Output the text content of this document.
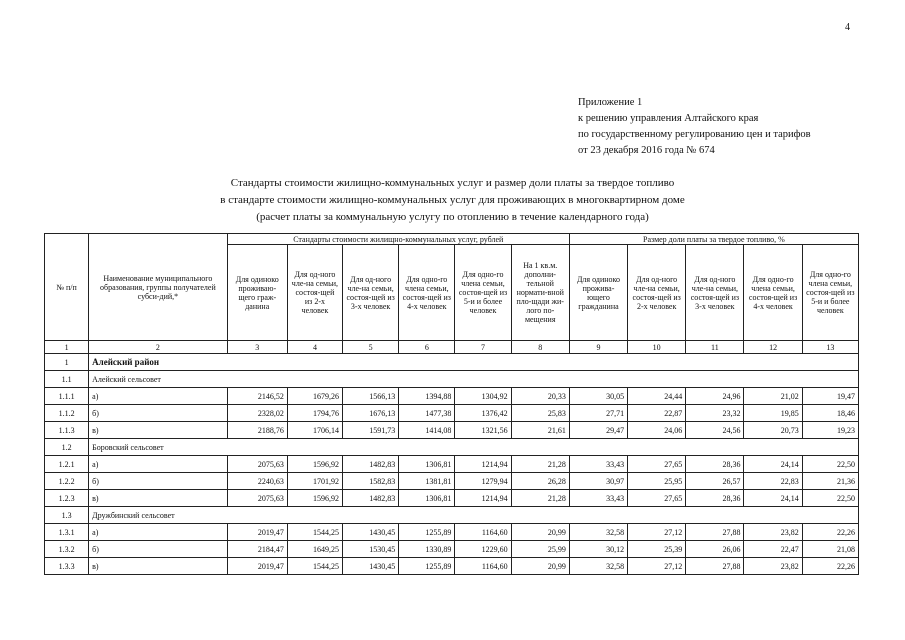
4
Приложение 1
к решению управления Алтайского края
по государственному регулированию цен и тарифов
от 23 декабря 2016 года № 674
Стандарты стоимости жилищно-коммунальных услуг и размер доли платы за твердое топливо
в стандарте стоимости жилищно-коммунальных услуг для проживающих в многоквартирном доме
(расчет платы за коммунальную услугу по отоплению в течение календарного года)
№ п/п	Наименование муниципального образования, группы получателей субси-дий,*	Стандарты стоимости жилищно-коммунальных услуг, рублей						Размер доли платы за твердое топливо, %				
		Для одиноко проживаю-щего граж-данина	Для од-ного чле-на семьи, состоя-щей из 2-х человек	Для од-ного чле-на семьи, состоя-щей из 3-х человек	Для одно-го члена семьи, состоя-щей из 4-х человек	Для одно-го члена семьи, состоя-щей из 5-и и более человек	На 1 кв.м. дополни-тельной нормати-вной пло-щади жи-лого по-мещения	Для одиноко прожива-ющего гражданина	Для од-ного чле-на семьи, состоя-щей из 2-х человек	Для од-ного чле-на семьи, состоя-щей из 3-х человек	Для одно-го члена семьи, состоя-щей из 4-х человек	Для одно-го члена семьи, состоя-щей из 5-и и более человек
1	2	3	4	5	6	7	8	9	10	11	12	13
1	Алейский район											
1.1	Алейский сельсовет											
1.1.1	а)	2146,52	1679,26	1566,13	1394,88	1304,92	20,33	30,05	24,44	24,96	21,02	19,47
1.1.2	б)	2328,02	1794,76	1676,13	1477,38	1376,42	25,83	27,71	22,87	23,32	19,85	18,46
1.1.3	в)	2188,76	1706,14	1591,73	1414,08	1321,56	21,61	29,47	24,06	24,56	20,73	19,23
1.2	Боровский сельсовет											
1.2.1	а)	2075,63	1596,92	1482,83	1306,81	1214,94	21,28	33,43	27,65	28,36	24,14	22,50
1.2.2	б)	2240,63	1701,92	1582,83	1381,81	1279,94	26,28	30,97	25,95	26,57	22,83	21,36
1.2.3	в)	2075,63	1596,92	1482,83	1306,81	1214,94	21,28	33,43	27,65	28,36	24,14	22,50
1.3	Дружбинский сельсовет											
1.3.1	а)	2019,47	1544,25	1430,45	1255,89	1164,60	20,99	32,58	27,12	27,88	23,82	22,26
1.3.2	б)	2184,47	1649,25	1530,45	1330,89	1229,60	25,99	30,12	25,39	26,06	22,47	21,08
1.3.3	в)	2019,47	1544,25	1430,45	1255,89	1164,60	20,99	32,58	27,12	27,88	23,82	22,26
